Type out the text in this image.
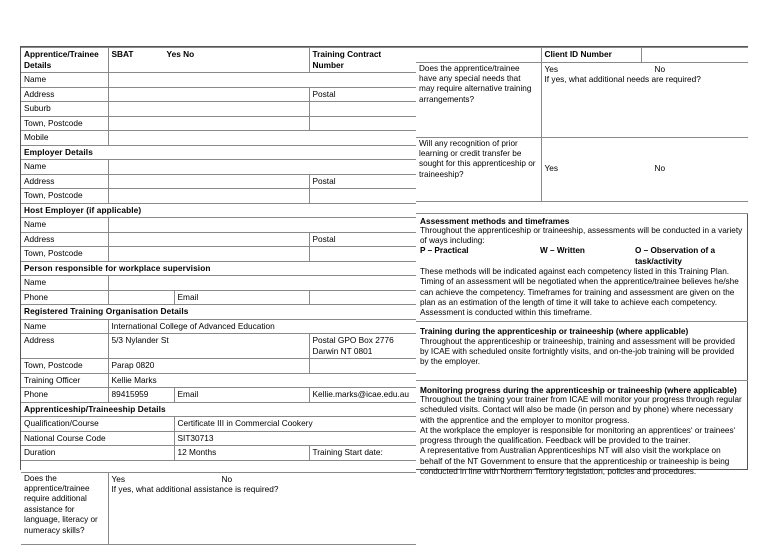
Apprentice/Trainee Details	SBAT Yes No		Training Contract Number
Name			
Address			Postal
Suburb			
Town, Postcode			
Mobile			
Employer Details			
Name			
Address			Postal
Town, Postcode			
Host Employer (if applicable)			
Name			
Address			Postal
Town, Postcode			
Person responsible for workplace supervision			
Name			
Phone		Email	
Registered Training Organisation Details			
Name	International College of Advanced Education		
Address	5/3 Nylander St		Postal GPO Box 2776
Darwin NT 0801
Town, Postcode	Parap 0820		
Training Officer	Kellie Marks		
Phone	89415959	Email	Kellie.marks@icae.edu.au
Apprenticeship/Traineeship Details			
Qualification/Course		Certificate III in Commercial Cookery	
National Course Code		SIT30713	
Duration		12 Months	Training Start date:

Does the apprentice/trainee require additional assistance for language, literacy or numeracy skills?	Yes No
If yes, what additional assistance is required?		
	Client ID Number	
Does the apprentice/trainee have any special needs that may require alternative training arrangements?	Yes No
If yes, what additional needs are required?	

Will any recognition of prior learning or credit transfer be sought for this apprenticeship or traineeship?	Yes No	

Assessment methods and timeframes

Throughout the apprenticeship or traineeship, assessments will be conducted in a variety of ways including:

P – Practical	W – Written	O – Observation of a task/activity

These methods will be indicated against each competency listed in this Training Plan. Timing of an assessment will be negotiated when the apprentice/trainee believes he/she can achieve the competency. Timeframes for training and assessment are given on the plan as an estimation of the length of time it will take to achieve each competency. Assessment is conducted within this timeframe.

Training during the apprenticeship or traineeship (where applicable)

Throughout the apprenticeship or traineeship, training and assessment will be provided by ICAE with scheduled onsite fortnightly visits, and on-the-job training will be provided by the employer.

Monitoring progress during the apprenticeship or traineeship (where applicable)

Throughout the training your trainer from ICAE will monitor your progress through regular scheduled visits. Contact will also be made (in person and by phone) where necessary with the apprentice and the employer to monitor progress.

At the workplace the employer is responsible for monitoring an apprentices‘ or trainees‘ progress through the qualification. Feedback will be provided to the trainer.

A representative from Australian Apprenticeships NT will also visit the workplace on behalf of the NT Government to ensure that the apprenticeship or traineeship is being conducted in line with Northern Territory legislation, policies and procedures.
